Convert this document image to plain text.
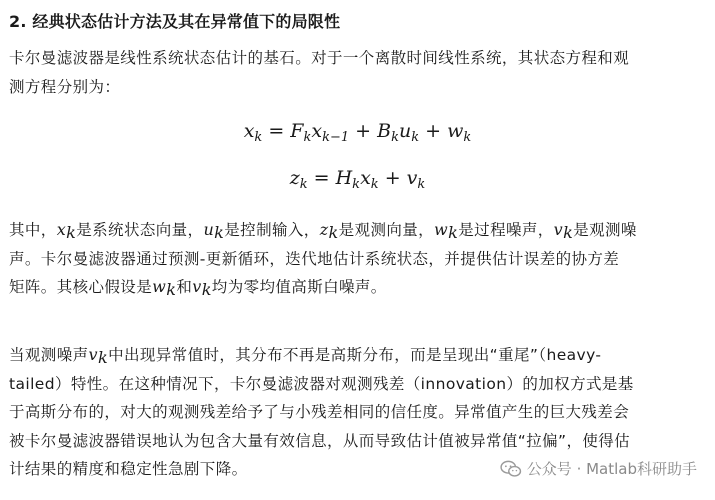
2. 经典状态估计方法及其在异常值下的局限性

卡尔曼滤波器是线性系统状态估计的基石。对于一个离散时间线性系统，其状态方程和观
测方程分别为：

$x_k = F_kx_{k-1} + B_ku_k + w_k$
$z_k = H_kx_k + v_k$

其中，$x_k$是系统状态向量，$u_k$是控制输入，$z_k$是观测向量，$w_k$是过程噪声，$v_k$是观测噪
声。卡尔曼滤波器通过预测-更新循环，迭代地估计系统状态，并提供估计误差的协方差
矩阵。其核心假设是$w_k$和$v_k$均为零均值高斯白噪声。

当观测噪声$v_k$中出现异常值时，其分布不再是高斯分布，而是呈现出“重尾”（heavy-
tailed）特性。在这种情况下，卡尔曼滤波器对观测残差（innovation）的加权方式是基
于高斯分布的，对大的观测残差给予了与小残差相同的信任度。异常值产生的巨大残差会
被卡尔曼滤波器错误地认为包含大量有效信息，从而导致估计值被异常值“拉偏”，使得估
计结果的精度和稳定性急剧下降。	公众号 · Matlab科研助手
